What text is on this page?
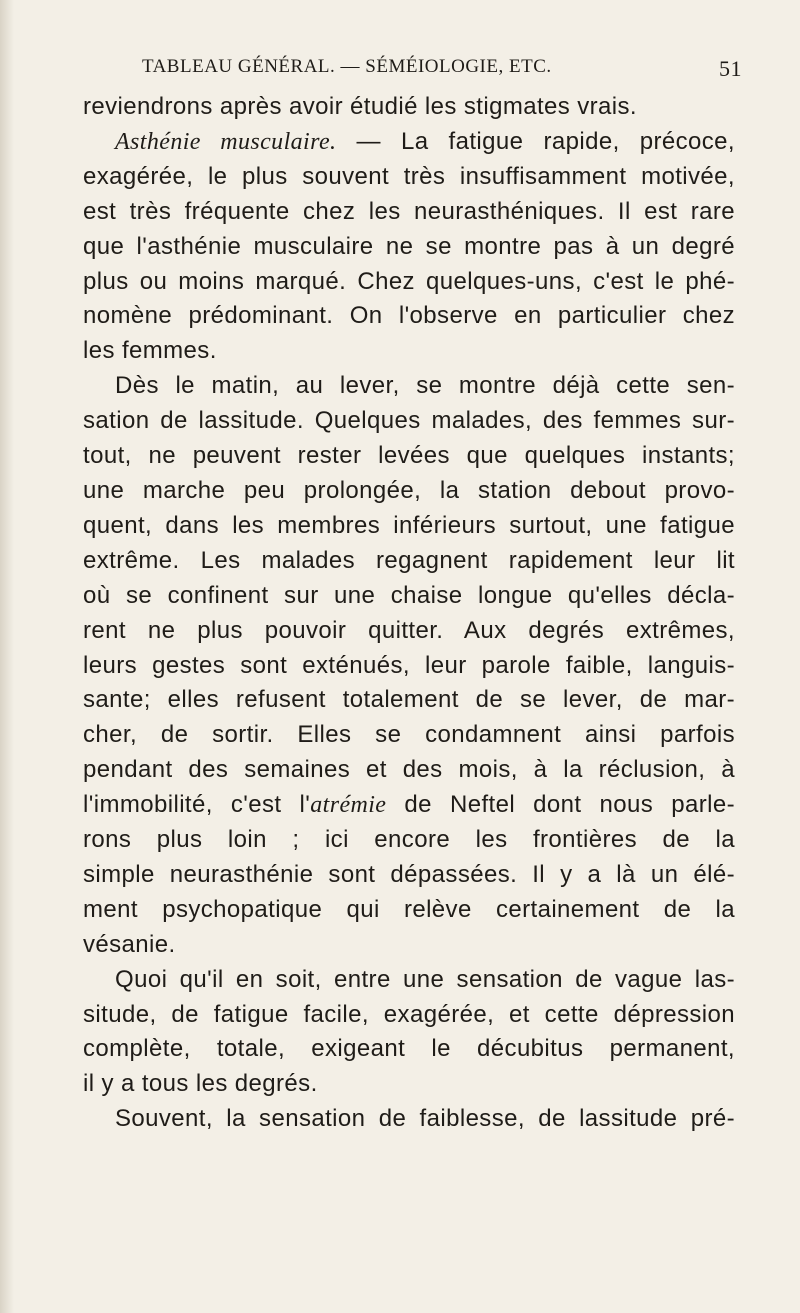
TABLEAU GÉNÉRAL. — SÉMÉIOLOGIE, ETC.	51

reviendrons après avoir étudié les stigmates vrais.

Asthénie musculaire. — La fatigue rapide, précoce,

exagérée, le plus souvent très insuffisamment motivée,

est très fréquente chez les neurasthéniques. Il est rare

que l'asthénie musculaire ne se montre pas à un degré

plus ou moins marqué. Chez quelques-uns, c'est le phé-

nomène prédominant. On l'observe en particulier chez

les femmes.

Dès le matin, au lever, se montre déjà cette sen-

sation de lassitude. Quelques malades, des femmes sur-

tout, ne peuvent rester levées que quelques instants;

une marche peu prolongée, la station debout provo-

quent, dans les membres inférieurs surtout, une fatigue

extrême. Les malades regagnent rapidement leur lit

où se confinent sur une chaise longue qu'elles décla-

rent ne plus pouvoir quitter. Aux degrés extrêmes,

leurs gestes sont exténués, leur parole faible, languis-

sante; elles refusent totalement de se lever, de mar-

cher, de sortir. Elles se condamnent ainsi parfois

pendant des semaines et des mois, à la réclusion, à

l'immobilité, c'est l'atrémie de Neftel dont nous parle-

rons plus loin ; ici encore les frontières de la

simple neurasthénie sont dépassées. Il y a là un élé-

ment psychopatique qui relève certainement de la

vésanie.

Quoi qu'il en soit, entre une sensation de vague las-

situde, de fatigue facile, exagérée, et cette dépression

complète, totale, exigeant le décubitus permanent,

il y a tous les degrés.

Souvent, la sensation de faiblesse, de lassitude pré-
